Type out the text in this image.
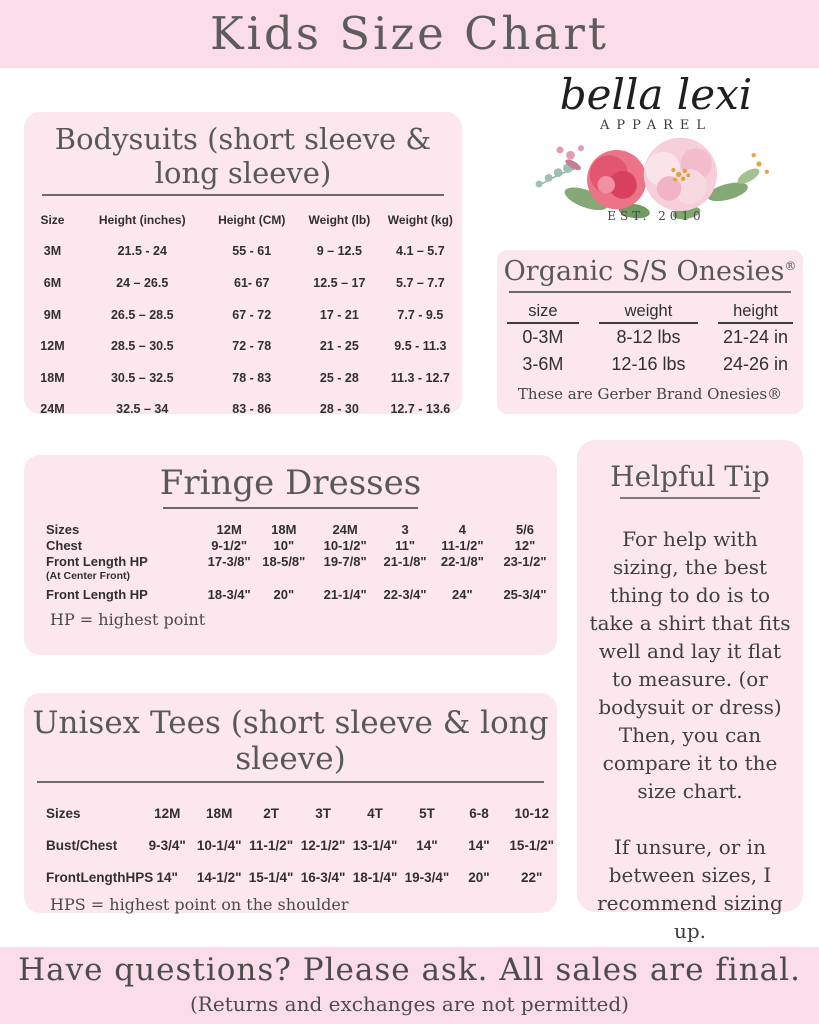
Kids Size Chart
Bodysuits (short sleeve & long sleeve)
Size	Height (inches)	Height (CM)	Weight (lb)	Weight (kg)
3M	21.5 - 24	55 - 61	9 – 12.5	4.1 – 5.7
6M	24 – 26.5	61- 67	12.5 – 17	5.7 – 7.7
9M	26.5 – 28.5	67 - 72	17 - 21	7.7 - 9.5
12M	28.5 – 30.5	72 - 78	21 - 25	9.5 - 11.3
18M	30.5 – 32.5	78 - 83	25 - 28	11.3 - 12.7
24M	32.5 – 34	83 - 86	28 - 30	12.7 - 13.6
bella lexi
APPAREL
EST. 2010
Organic S/S Onesies®
size	weight	height
0-3M	8-12 lbs	21-24 in
3-6M	12-16 lbs	24-26 in
These are Gerber Brand Onesies®
Fringe Dresses
Sizes	12M	18M	24M	3	4	5/6
Chest	9-1/2"	10"	10-1/2"	11"	11-1/2"	12"
Front Length HP	17-3/8" 18-5/8"	19-7/8"	21-1/8"	22-1/8"	23-1/2"
(At Center Front)
Front Length HP	18-3/4"	20"	21-1/4"	22-3/4"	24"	25-3/4"
HP = highest point
Helpful Tip
For help with sizing, the best thing to do is to take a shirt that fits well and lay it flat to measure. (or bodysuit or dress) Then, you can compare it to the size chart.
If unsure, or in between sizes, I recommend sizing up.
Unisex Tees (short sleeve & long sleeve)
Sizes	12M	18M	2T	3T	4T	5T	6-8	10-12
Bust/Chest	9-3/4" 10-1/4" 11-1/2" 12-1/2" 13-1/4"	14"	14"	15-1/2"
FrontLengthHPS 14"	14-1/2" 15-1/4" 16-3/4" 18-1/4" 19-3/4"	20"	22"
HPS = highest point on the shoulder
Have questions? Please ask. All sales are final.
(Returns and exchanges are not permitted)
